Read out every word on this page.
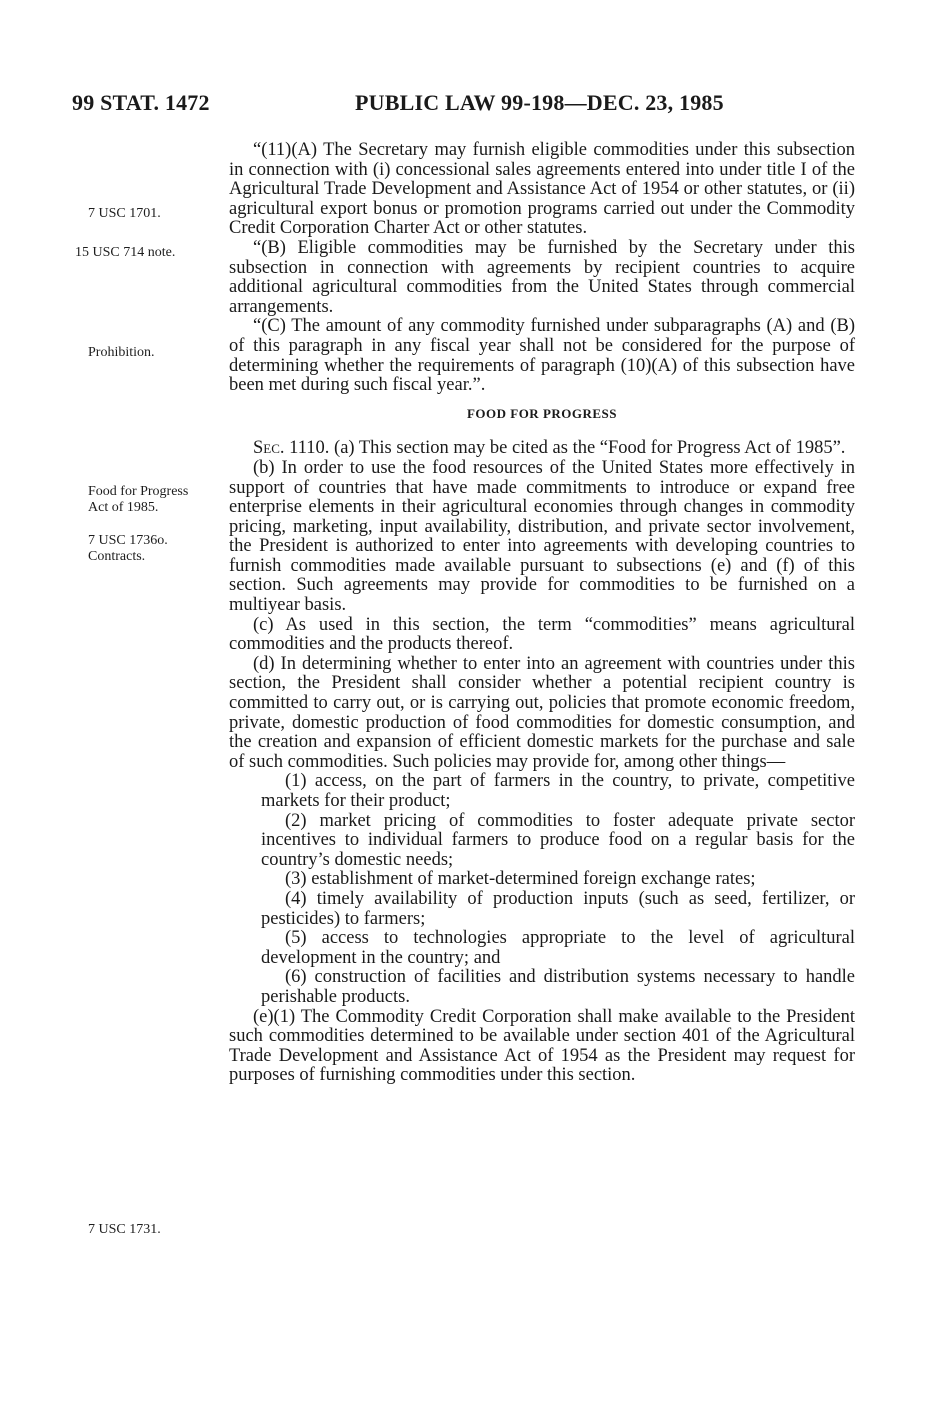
99 STAT. 1472	PUBLIC LAW 99-198—DEC. 23, 1985
7 USC 1701.
15 USC 714 note.
Prohibition.
Food for Progress Act of 1985.
7 USC 1736o.
Contracts.
7 USC 1731.

“(11)(A) The Secretary may furnish eligible commodities under this subsection in connection with (i) concessional sales agreements entered into under title I of the Agricultural Trade Development and Assistance Act of 1954 or other statutes, or (ii) agricultural export bonus or promotion programs carried out under the Commodity Credit Corporation Charter Act or other statutes.

“(B) Eligible commodities may be furnished by the Secretary under this subsection in connection with agreements by recipient countries to acquire additional agricultural commodities from the United States through commercial arrangements.

“(C) The amount of any commodity furnished under subparagraphs (A) and (B) of this paragraph in any fiscal year shall not be considered for the purpose of determining whether the requirements of paragraph (10)(A) of this subsection have been met during such fiscal year.”.

FOOD FOR PROGRESS

Sec. 1110. (a) This section may be cited as the “Food for Progress Act of 1985”.

(b) In order to use the food resources of the United States more effectively in support of countries that have made commitments to introduce or expand free enterprise elements in their agricultural economies through changes in commodity pricing, marketing, input availability, distribution, and private sector involvement, the President is authorized to enter into agreements with developing countries to furnish commodities made available pursuant to subsections (e) and (f) of this section. Such agreements may provide for commodities to be furnished on a multiyear basis.

(c) As used in this section, the term “commodities” means agricultural commodities and the products thereof.

(d) In determining whether to enter into an agreement with countries under this section, the President shall consider whether a potential recipient country is committed to carry out, or is carrying out, policies that promote economic freedom, private, domestic production of food commodities for domestic consumption, and the creation and expansion of efficient domestic markets for the purchase and sale of such commodities. Such policies may provide for, among other things—

(1) access, on the part of farmers in the country, to private, competitive markets for their product;

(2) market pricing of commodities to foster adequate private sector incentives to individual farmers to produce food on a regular basis for the country’s domestic needs;

(3) establishment of market-determined foreign exchange rates;

(4) timely availability of production inputs (such as seed, fertilizer, or pesticides) to farmers;

(5) access to technologies appropriate to the level of agricultural development in the country; and

(6) construction of facilities and distribution systems necessary to handle perishable products.

(e)(1) The Commodity Credit Corporation shall make available to the President such commodities determined to be available under section 401 of the Agricultural Trade Development and Assistance Act of 1954 as the President may request for purposes of furnishing commodities under this section.
